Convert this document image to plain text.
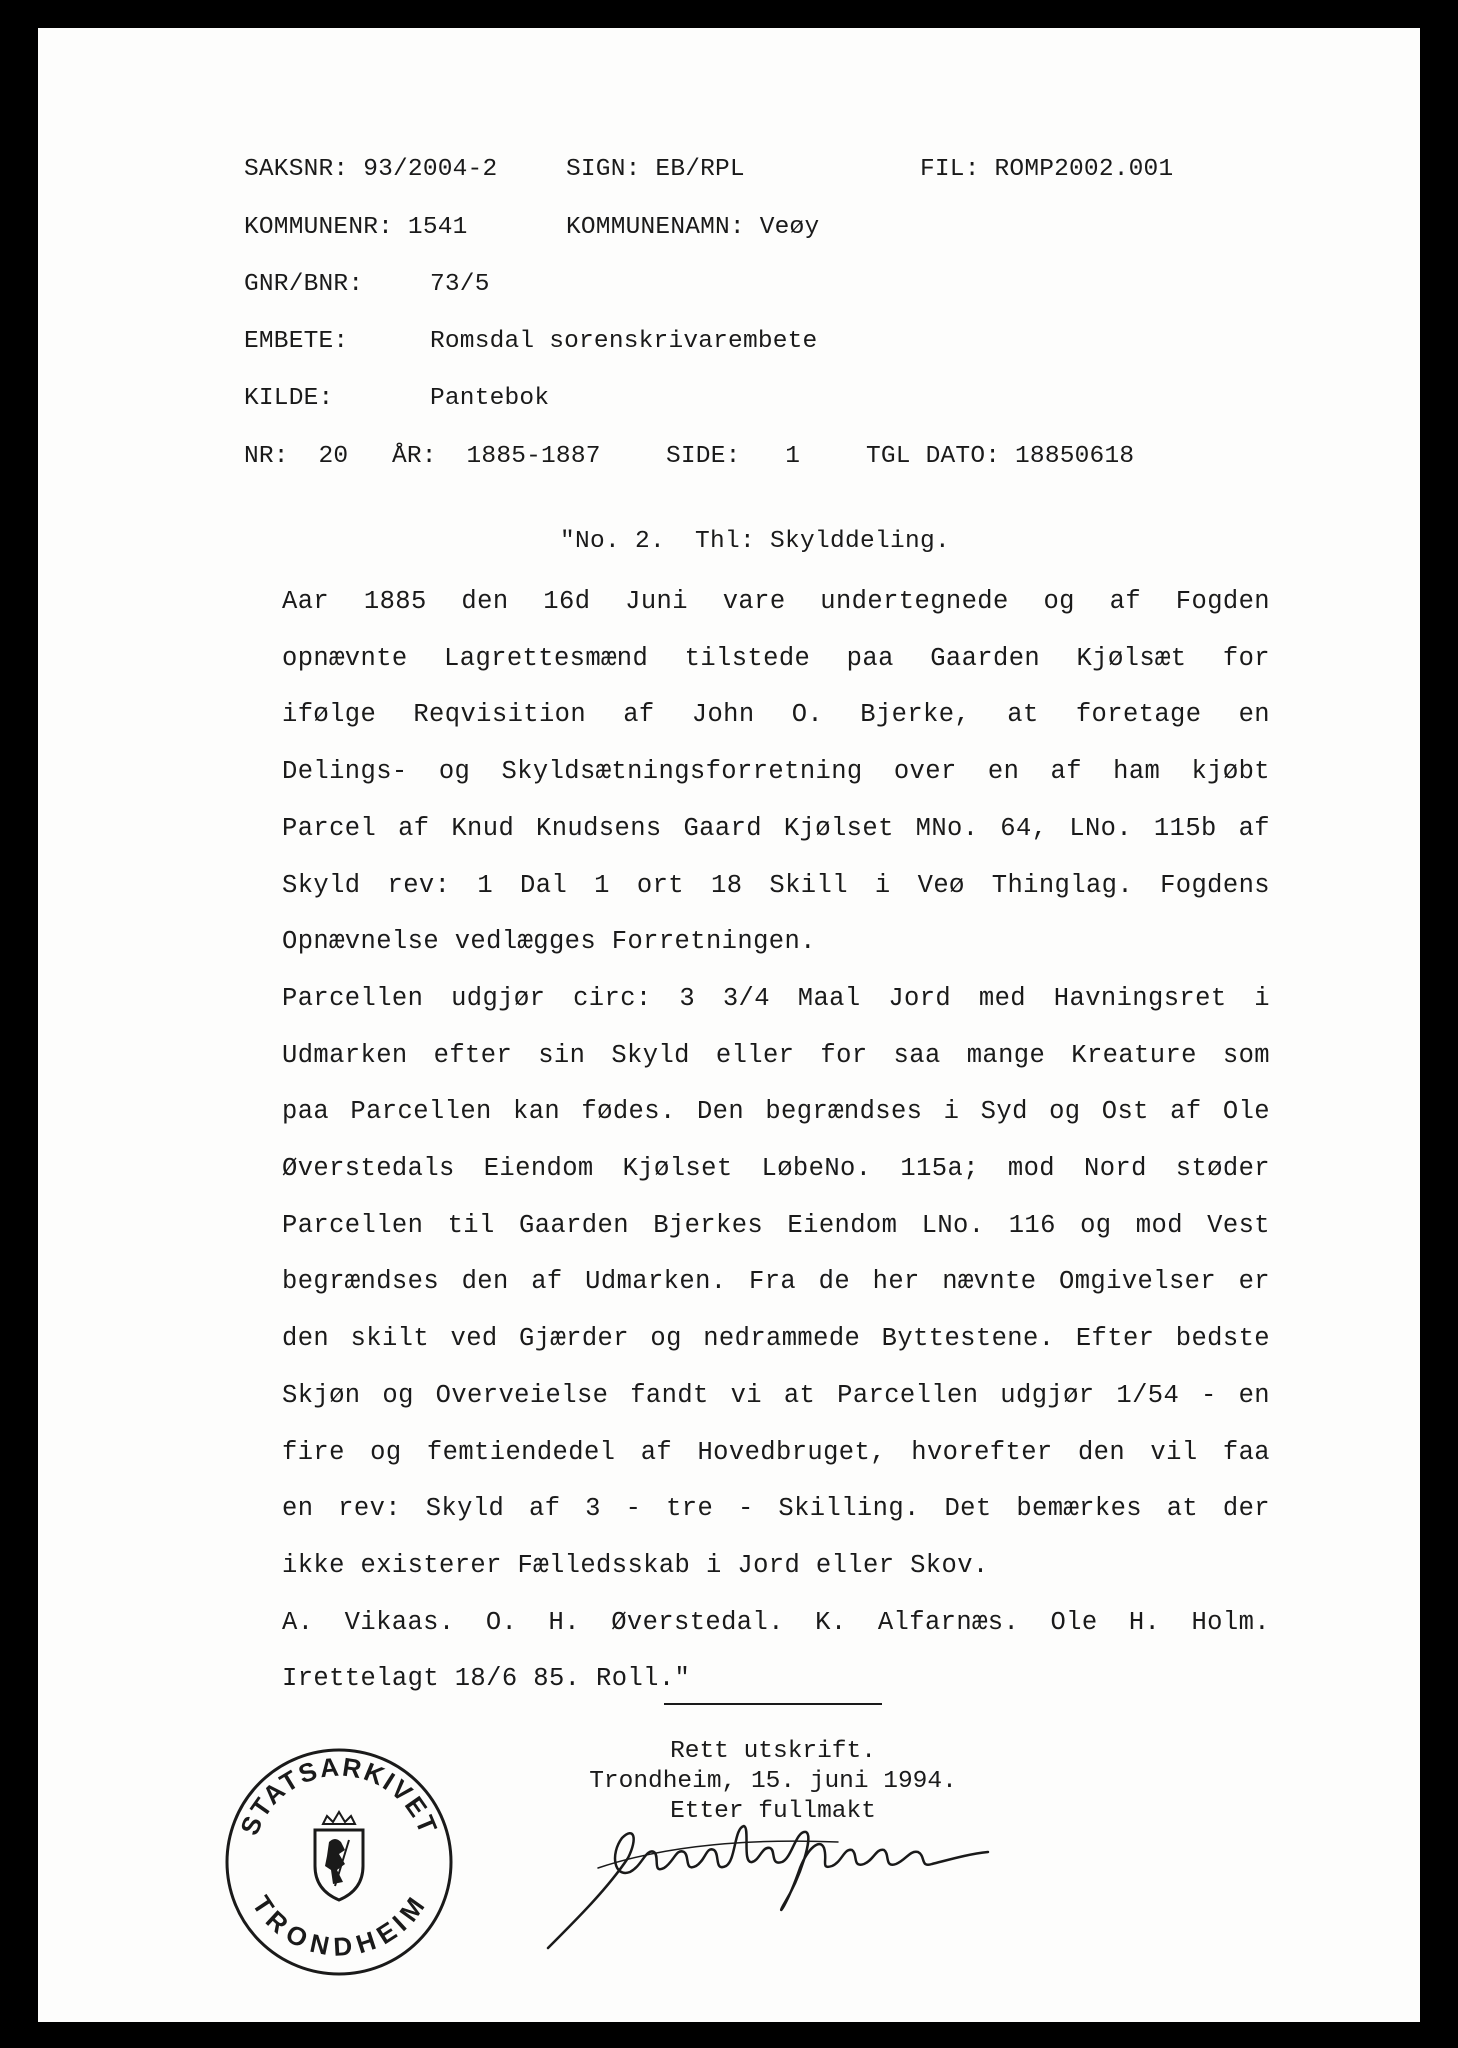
SAKSNR: 93/2004-2	SIGN: EB/RPL	FIL: ROMP2002.001
KOMMUNENR: 1541	KOMMUNENAMN: Veøy
GNR/BNR:	73/5
EMBETE:	Romsdal sorenskrivarembete
KILDE:	Pantebok
NR:  20 ÅR:  1885-1887	SIDE:   1	TGL DATO: 18850618
"No. 2.  Thl: Skylddeling.
Aar 1885 den 16d Juni vare undertegnede og af Fogden
opnævnte Lagrettesmænd tilstede paa Gaarden Kjølsæt for
ifølge Reqvisition af John O. Bjerke, at foretage en
Delings- og Skyldsætningsforretning over en af ham kjøbt
Parcel af Knud Knudsens Gaard Kjølset MNo. 64, LNo. 115b af
Skyld rev: 1 Dal 1 ort 18 Skill i Veø Thinglag. Fogdens
Opnævnelse vedlægges Forretningen.
Parcellen udgjør circ: 3 3/4 Maal Jord med Havningsret i
Udmarken efter sin Skyld eller for saa mange Kreature som
paa Parcellen kan fødes. Den begrændses i Syd og Ost af Ole
Øverstedals Eiendom Kjølset LøbeNo. 115a; mod Nord støder
Parcellen til Gaarden Bjerkes Eiendom LNo. 116 og mod Vest
begrændses den af Udmarken. Fra de her nævnte Omgivelser er
den skilt ved Gjærder og nedrammede Byttestene. Efter bedste
Skjøn og Overveielse fandt vi at Parcellen udgjør 1/54 - en
fire og femtiendedel af Hovedbruget, hvorefter den vil faa
en rev: Skyld af 3 - tre - Skilling. Det bemærkes at der
ikke existerer Fælledsskab i Jord eller Skov.
A. Vikaas. O. H. Øverstedal. K. Alfarnæs. Ole H. Holm.
Irettelagt 18/6 85. Roll."
Rett utskrift.
Trondheim, 15. juni 1994.
Etter fullmakt
STATSARKIVET
TRONDHEIM
